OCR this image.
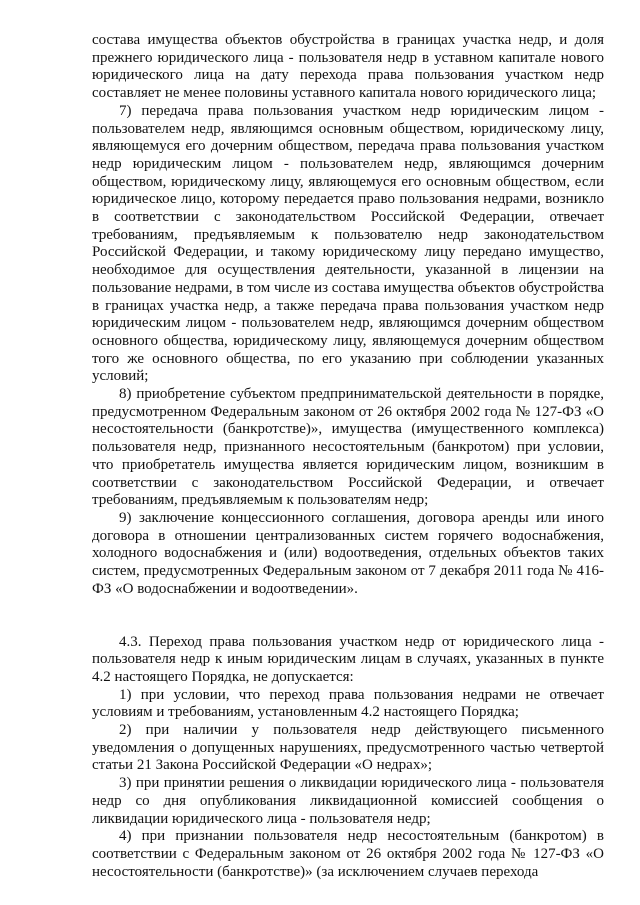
состава имущества объектов обустройства в границах участка недр, и доля прежнего юридического лица - пользователя недр в уставном капитале нового юридического лица на дату перехода права пользования участком недр составляет не менее половины уставного капитала нового юридического лица;

7) передача права пользования участком недр юридическим лицом - пользователем недр, являющимся основным обществом, юридическому лицу, являющемуся его дочерним обществом, передача права пользования участком недр юридическим лицом - пользователем недр, являющимся дочерним обществом, юридическому лицу, являющемуся его основным обществом, если юридическое лицо, которому передается право пользования недрами, возникло в соответствии с законодательством Российской Федерации, отвечает требованиям, предъявляемым к пользователю недр законодательством Российской Федерации, и такому юридическому лицу передано имущество, необходимое для осуществления деятельности, указанной в лицензии на пользование недрами, в том числе из состава имущества объектов обустройства в границах участка недр, а также передача права пользования участком недр юридическим лицом - пользователем недр, являющимся дочерним обществом основного общества, юридическому лицу, являющемуся дочерним обществом того же основного общества, по его указанию при соблюдении указанных условий;

8) приобретение субъектом предпринимательской деятельности в порядке, предусмотренном Федеральным законом от 26 октября 2002 года № 127-ФЗ «О несостоятельности (банкротстве)», имущества (имущественного комплекса) пользователя недр, признанного несостоятельным (банкротом) при условии, что приобретатель имущества является юридическим лицом, возникшим в соответствии с законодательством Российской Федерации, и отвечает требованиям, предъявляемым к пользователям недр;

9) заключение концессионного соглашения, договора аренды или иного договора в отношении централизованных систем горячего водоснабжения, холодного водоснабжения и (или) водоотведения, отдельных объектов таких систем, предусмотренных Федеральным законом от 7 декабря 2011 года № 416-ФЗ «О водоснабжении и водоотведении».

4.3. Переход права пользования участком недр от юридического лица - пользователя недр к иным юридическим лицам в случаях, указанных в пункте 4.2 настоящего Порядка, не допускается:

1) при условии, что переход права пользования недрами не отвечает условиям и требованиям, установленным 4.2 настоящего Порядка;

2) при наличии у пользователя недр действующего письменного уведомления о допущенных нарушениях, предусмотренного частью четвертой статьи 21 Закона Российской Федерации «О недрах»;

3) при принятии решения о ликвидации юридического лица - пользователя недр со дня опубликования ликвидационной комиссией сообщения о ликвидации юридического лица - пользователя недр;

4) при признании пользователя недр несостоятельным (банкротом) в соответствии с Федеральным законом от 26 октября 2002 года № 127-ФЗ «О несостоятельности (банкротстве)» (за исключением случаев перехода
